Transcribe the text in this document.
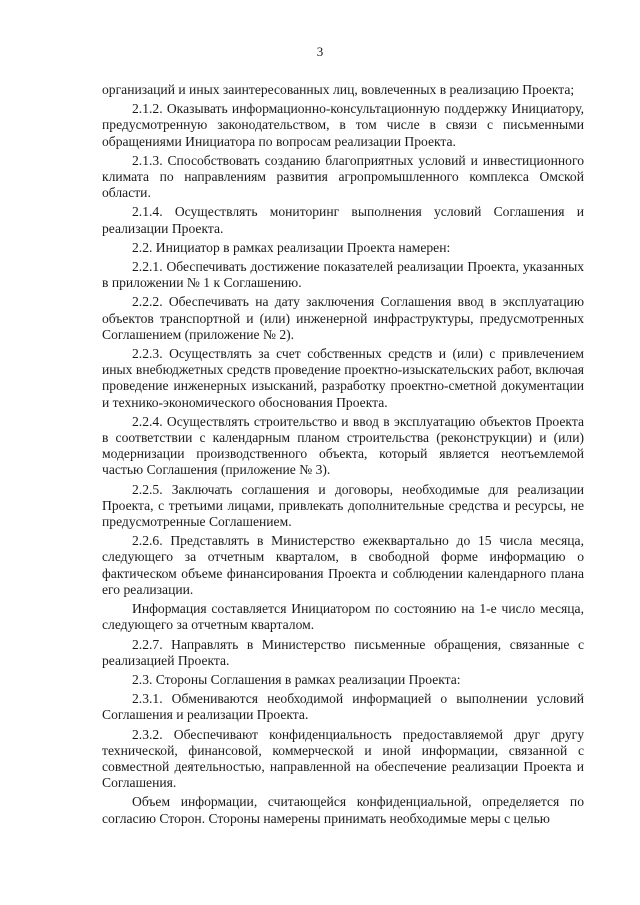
3

организаций и иных заинтересованных лиц, вовлеченных в реализацию Проекта;

2.1.2. Оказывать информационно-консультационную поддержку Инициатору, предусмотренную законодательством, в том числе в связи с письменными обращениями Инициатора по вопросам реализации Проекта.

2.1.3. Способствовать созданию благоприятных условий и инвестиционного климата по направлениям развития агропромышленного комплекса Омской области.

2.1.4. Осуществлять мониторинг выполнения условий Соглашения и реализации Проекта.

2.2. Инициатор в рамках реализации Проекта намерен:

2.2.1. Обеспечивать достижение показателей реализации Проекта, указанных в приложении № 1 к Соглашению.

2.2.2. Обеспечивать на дату заключения Соглашения ввод в эксплуатацию объектов транспортной и (или) инженерной инфраструктуры, предусмотренных Соглашением (приложение № 2).

2.2.3. Осуществлять за счет собственных средств и (или) с привлечением иных внебюджетных средств проведение проектно-изыскательских работ, включая проведение инженерных изысканий, разработку проектно-сметной документации и технико-экономического обоснования Проекта.

2.2.4. Осуществлять строительство и ввод в эксплуатацию объектов Проекта в соответствии с календарным планом строительства (реконструкции) и (или) модернизации производственного объекта, который является неотъемлемой частью Соглашения (приложение № 3).

2.2.5. Заключать соглашения и договоры, необходимые для реализации Проекта, с третьими лицами, привлекать дополнительные средства и ресурсы, не предусмотренные Соглашением.

2.2.6. Представлять в Министерство ежеквартально до 15 числа месяца, следующего за отчетным кварталом, в свободной форме информацию о фактическом объеме финансирования Проекта и соблюдении календарного плана его реализации.

Информация составляется Инициатором по состоянию на 1-е число месяца, следующего за отчетным кварталом.

2.2.7. Направлять в Министерство письменные обращения, связанные с реализацией Проекта.

2.3. Стороны Соглашения в рамках реализации Проекта:

2.3.1. Обмениваются необходимой информацией о выполнении условий Соглашения и реализации Проекта.

2.3.2. Обеспечивают конфиденциальность предоставляемой друг другу технической, финансовой, коммерческой и иной информации, связанной с совместной деятельностью, направленной на обеспечение реализации Проекта и Соглашения.

Объем информации, считающейся конфиденциальной, определяется по согласию Сторон. Стороны намерены принимать необходимые меры с целью
